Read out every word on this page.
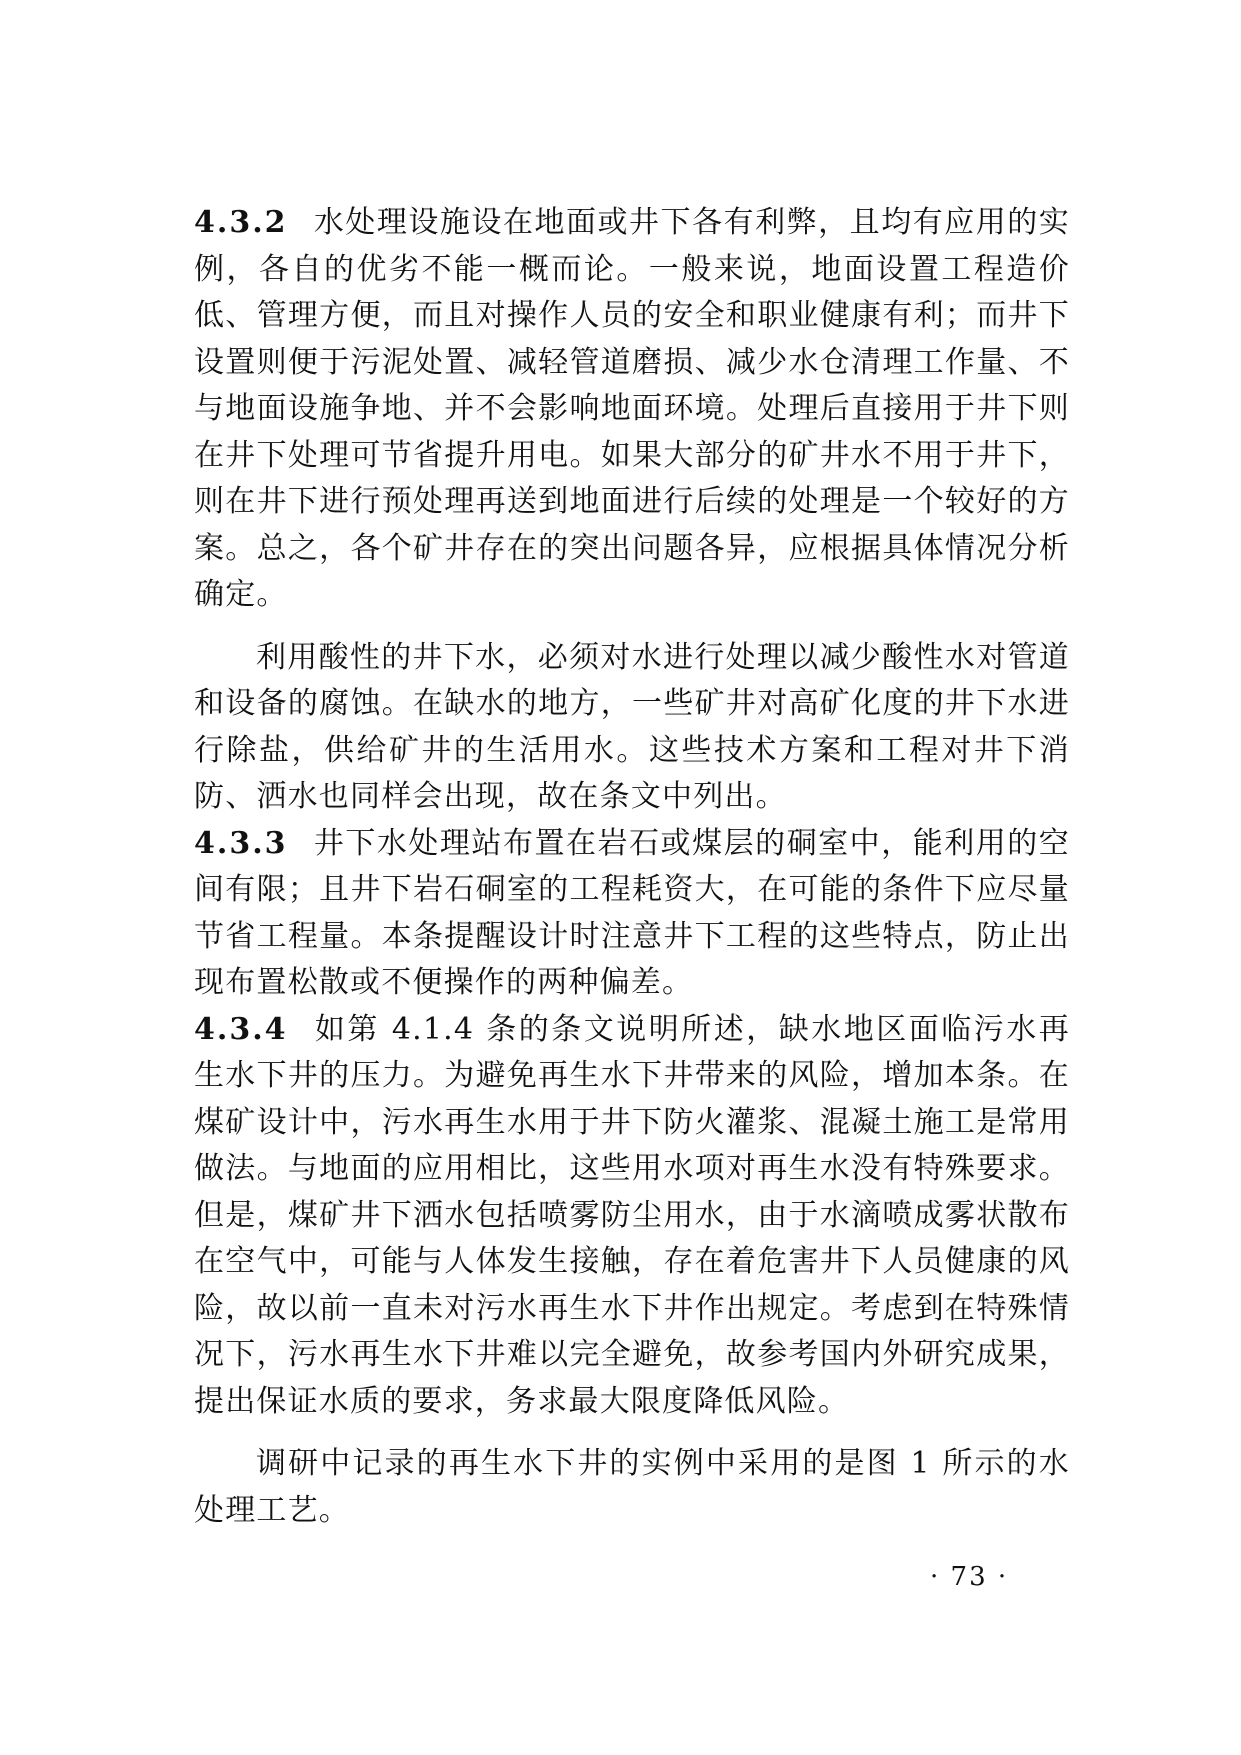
4.3.2 水处理设施设在地面或井下各有利弊，且均有应用的实例，各自的优劣不能一概而论。一般来说，地面设置工程造价低、管理方便，而且对操作人员的安全和职业健康有利；而井下设置则便于污泥处置、减轻管道磨损、减少水仓清理工作量、不与地面设施争地、并不会影响地面环境。处理后直接用于井下则在井下处理可节省提升用电。如果大部分的矿井水不用于井下，则在井下进行预处理再送到地面进行后续的处理是一个较好的方案。总之，各个矿井存在的突出问题各异，应根据具体情况分析确定。

利用酸性的井下水，必须对水进行处理以减少酸性水对管道和设备的腐蚀。在缺水的地方，一些矿井对高矿化度的井下水进行除盐，供给矿井的生活用水。这些技术方案和工程对井下消防、洒水也同样会出现，故在条文中列出。

4.3.3 井下水处理站布置在岩石或煤层的硐室中，能利用的空间有限；且井下岩石硐室的工程耗资大，在可能的条件下应尽量节省工程量。本条提醒设计时注意井下工程的这些特点，防止出现布置松散或不便操作的两种偏差。

4.3.4 如第 4.1.4 条的条文说明所述，缺水地区面临污水再生水下井的压力。为避免再生水下井带来的风险，增加本条。在煤矿设计中，污水再生水用于井下防火灌浆、混凝土施工是常用做法。与地面的应用相比，这些用水项对再生水没有特殊要求。但是，煤矿井下洒水包括喷雾防尘用水，由于水滴喷成雾状散布在空气中，可能与人体发生接触，存在着危害井下人员健康的风险，故以前一直未对污水再生水下井作出规定。考虑到在特殊情况下，污水再生水下井难以完全避免，故参考国内外研究成果，提出保证水质的要求，务求最大限度降低风险。

调研中记录的再生水下井的实例中采用的是图 1 所示的水处理工艺。

· 73 ·
